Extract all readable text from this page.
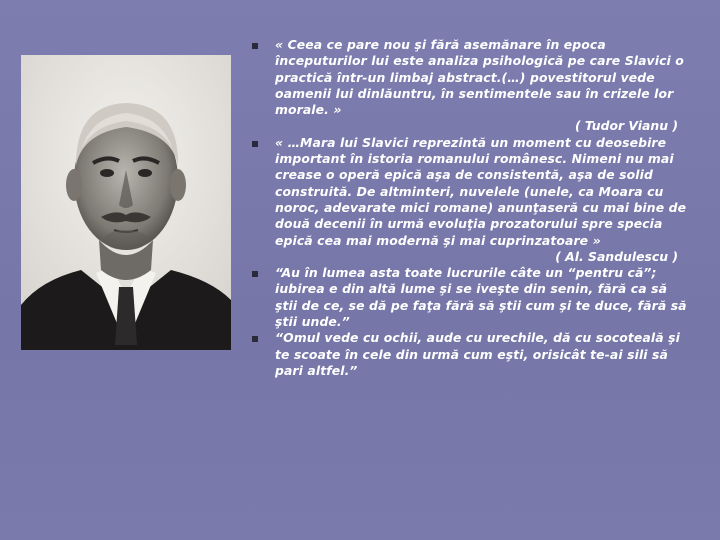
« Ceea ce pare nou şi fără asemănare în epoca începuturilor lui este analiza psihologică pe care Slavici o practică într-un limbaj abstract.(…) povestitorul vede oamenii lui dinlăuntru, în sentimentele sau în crizele lor morale. »
( Tudor Vianu )
« …Mara lui Slavici reprezintă un moment cu deosebire important în istoria romanului românesc. Nimeni nu mai crease o operă epică aşa de consistentă, aşa de solid construită. De altminteri, nuvelele (unele, ca Moara cu noroc, adevarate mici romane) anunţaseră cu mai bine de două decenii în urmă evoluţia prozatorului spre specia epică cea mai modernă şi mai cuprinzatoare »
( Al. Sandulescu )
“Au în lumea asta toate lucrurile câte un “pentru că”; iubirea e din altă lume şi se iveşte din senin, fără ca să ştii de ce, se dă pe faţa fără să ştii cum şi te duce, fără să ştii unde.”
“Omul vede cu ochii, aude cu urechile, dă cu socoteală şi te scoate în cele din urmă cum eşti, orisicât te-ai sili să pari altfel.”
